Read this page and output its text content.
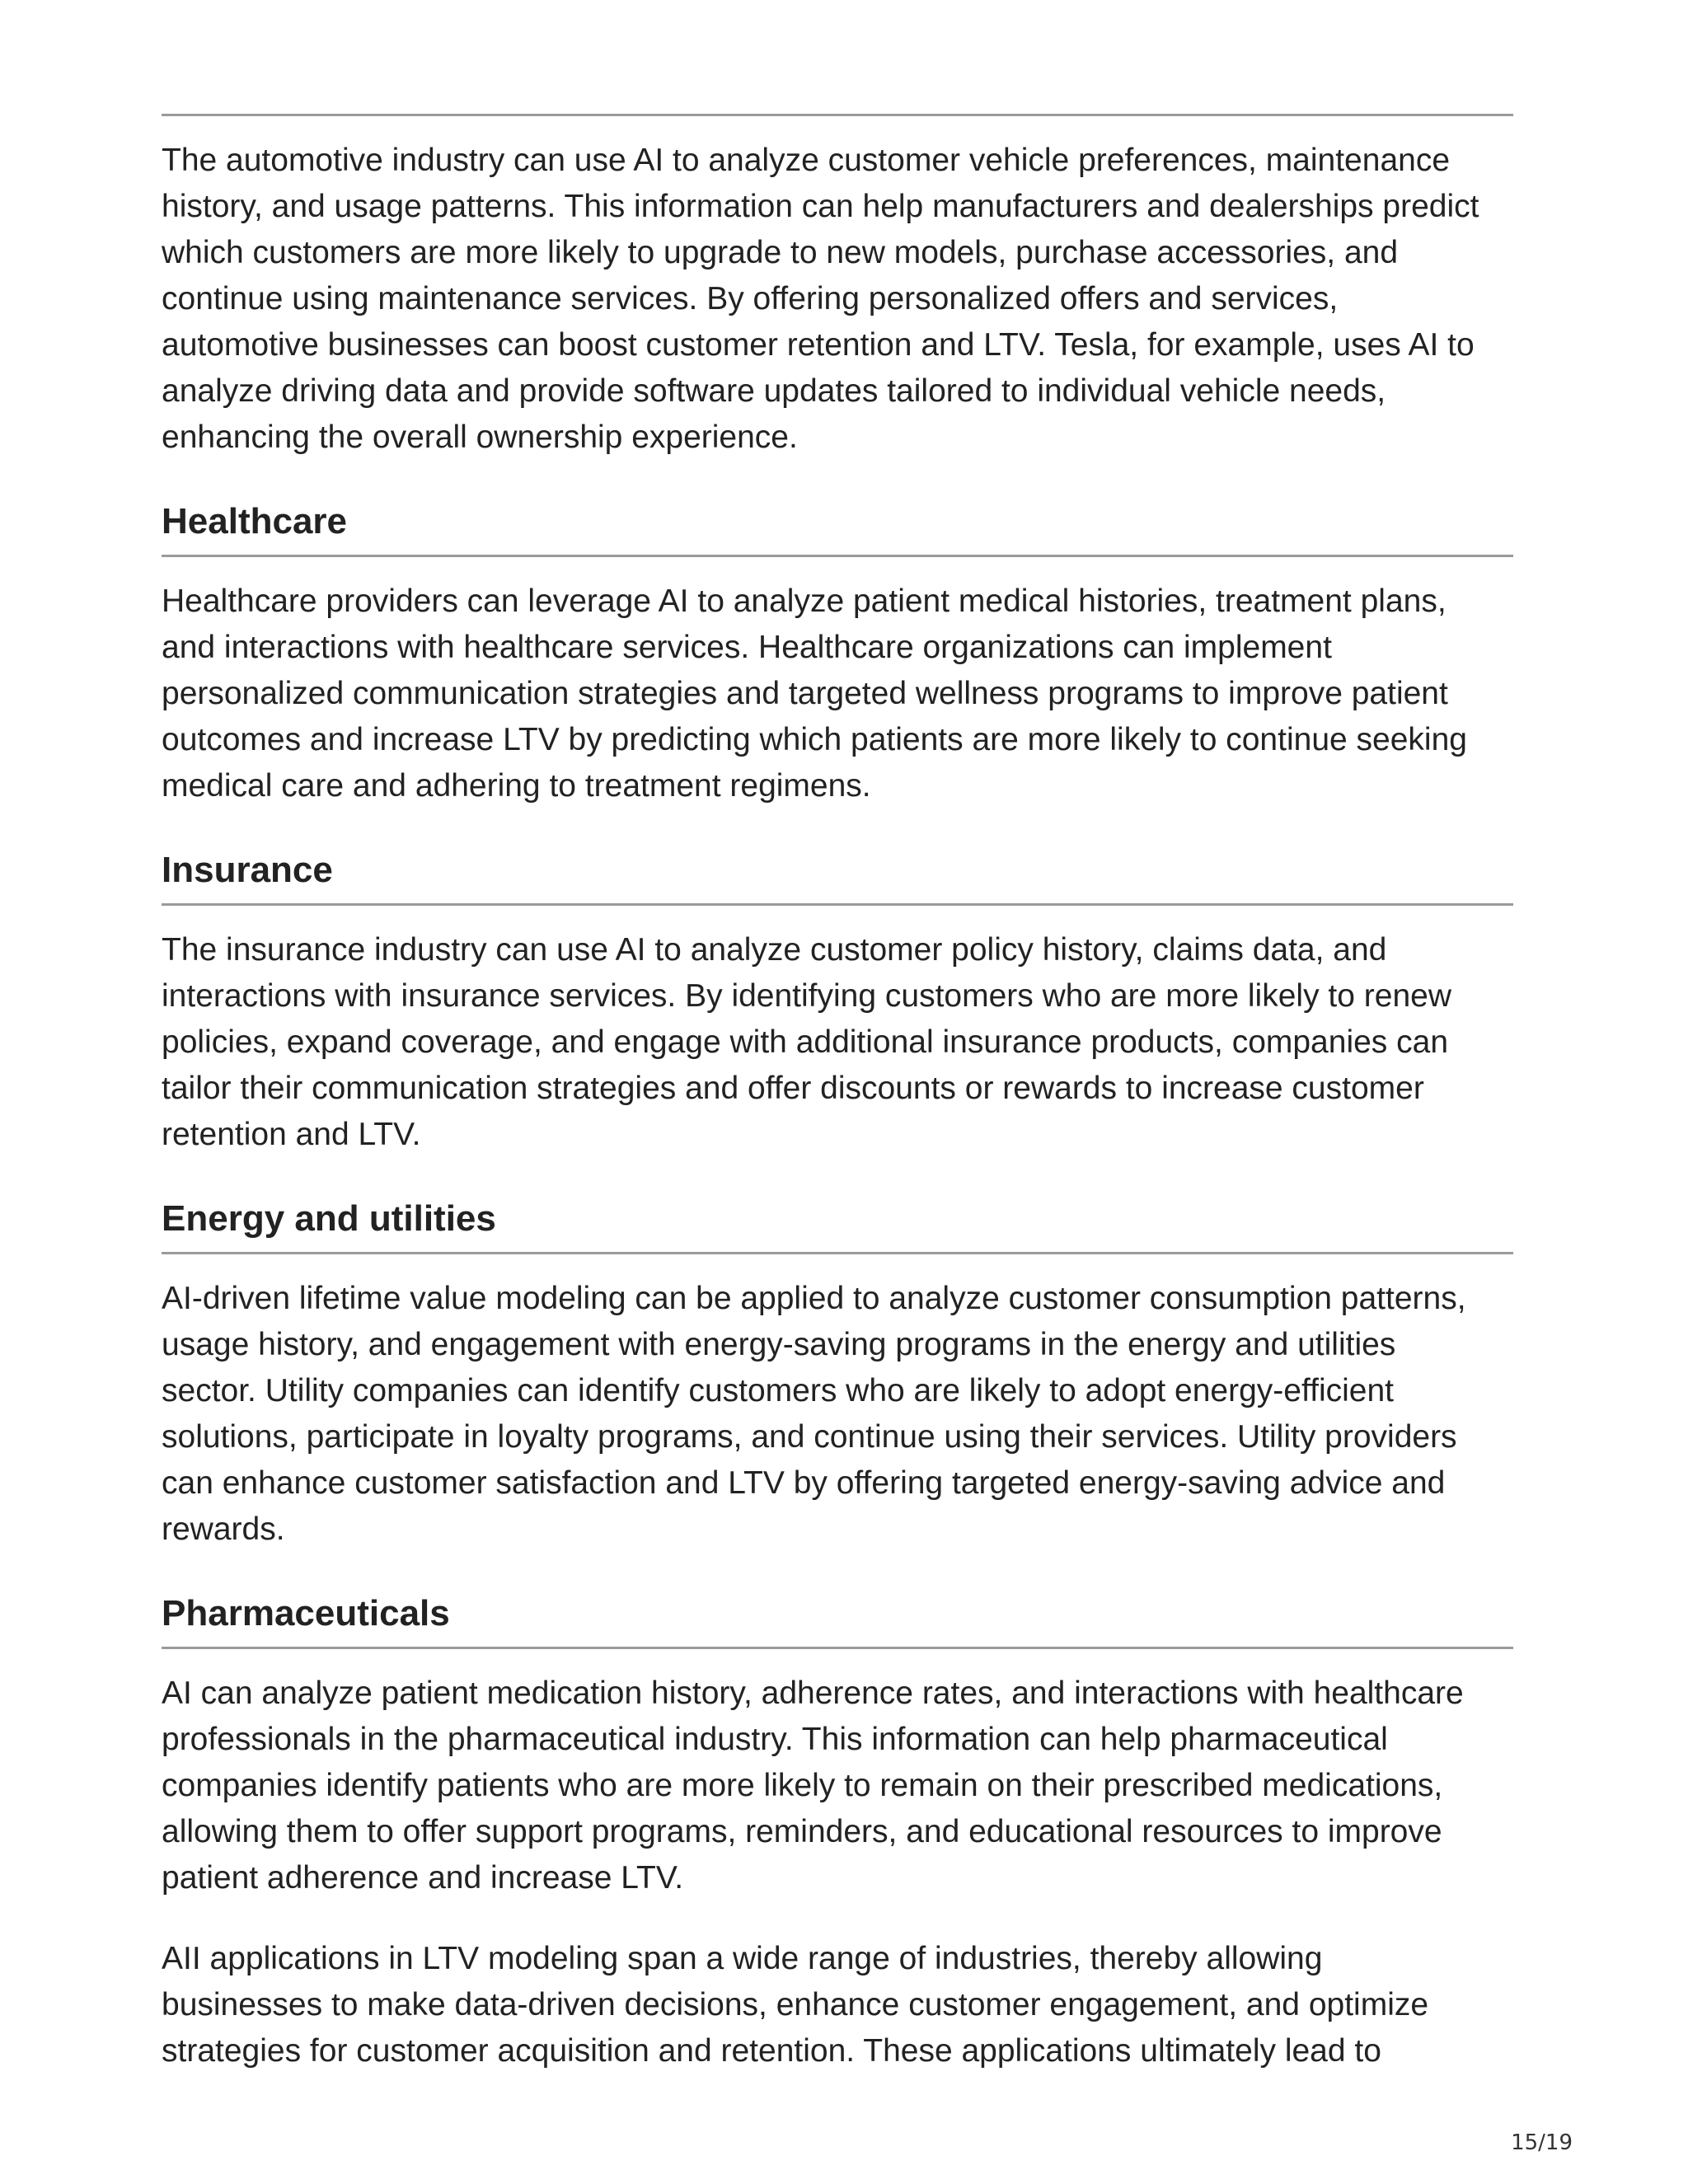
The automotive industry can use AI to analyze customer vehicle preferences, maintenance
history, and usage patterns. This information can help manufacturers and dealerships predict
which customers are more likely to upgrade to new models, purchase accessories, and
continue using maintenance services. By offering personalized offers and services,
automotive businesses can boost customer retention and LTV. Tesla, for example, uses AI to
analyze driving data and provide software updates tailored to individual vehicle needs,
enhancing the overall ownership experience.

Healthcare

Healthcare providers can leverage AI to analyze patient medical histories, treatment plans,
and interactions with healthcare services. Healthcare organizations can implement
personalized communication strategies and targeted wellness programs to improve patient
outcomes and increase LTV by predicting which patients are more likely to continue seeking
medical care and adhering to treatment regimens.

Insurance

The insurance industry can use AI to analyze customer policy history, claims data, and
interactions with insurance services. By identifying customers who are more likely to renew
policies, expand coverage, and engage with additional insurance products, companies can
tailor their communication strategies and offer discounts or rewards to increase customer
retention and LTV.

Energy and utilities

AI-driven lifetime value modeling can be applied to analyze customer consumption patterns,
usage history, and engagement with energy-saving programs in the energy and utilities
sector. Utility companies can identify customers who are likely to adopt energy-efficient
solutions, participate in loyalty programs, and continue using their services. Utility providers
can enhance customer satisfaction and LTV by offering targeted energy-saving advice and
rewards.

Pharmaceuticals

AI can analyze patient medication history, adherence rates, and interactions with healthcare
professionals in the pharmaceutical industry. This information can help pharmaceutical
companies identify patients who are more likely to remain on their prescribed medications,
allowing them to offer support programs, reminders, and educational resources to improve
patient adherence and increase LTV.

AII applications in LTV modeling span a wide range of industries, thereby allowing
businesses to make data-driven decisions, enhance customer engagement, and optimize
strategies for customer acquisition and retention. These applications ultimately lead to

15/19
